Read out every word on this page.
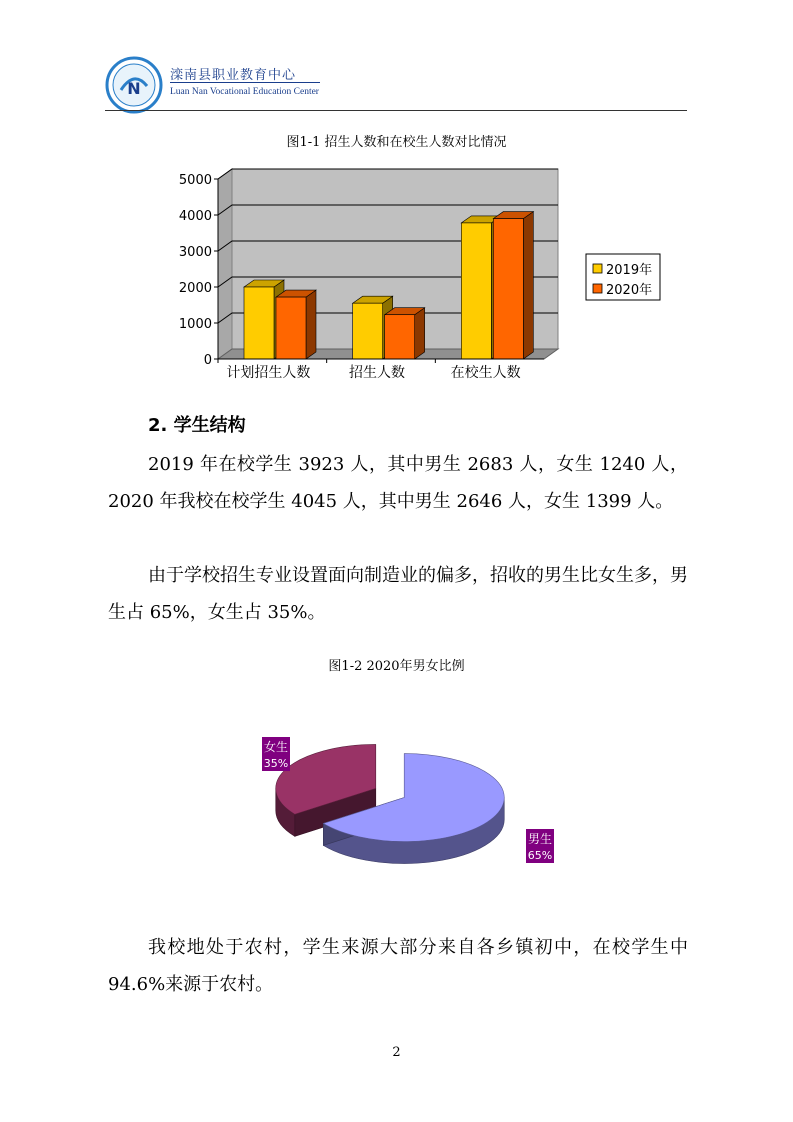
N
滦南县职业教育中心
Luan Nan Vocational Education Center
图1-1 招生人数和在校生人数对比情况
0
1000
2000
3000
4000
5000
计划招生人数	招生人数	在校生人数
2019年
2020年
2. 学生结构
2019 年在校学生 3923 人，其中男生 2683 人，女生 1240 人，2020 年我校在校学生 4045 人，其中男生 2646 人，女生 1399 人。
由于学校招生专业设置面向制造业的偏多，招收的男生比女生多，男生占 65%，女生占 35%。
图1-2 2020年男女比例
男生
65%
女生
35%
我校地处于农村，学生来源大部分来自各乡镇初中，在校学生中 94.6%来源于农村。
2
